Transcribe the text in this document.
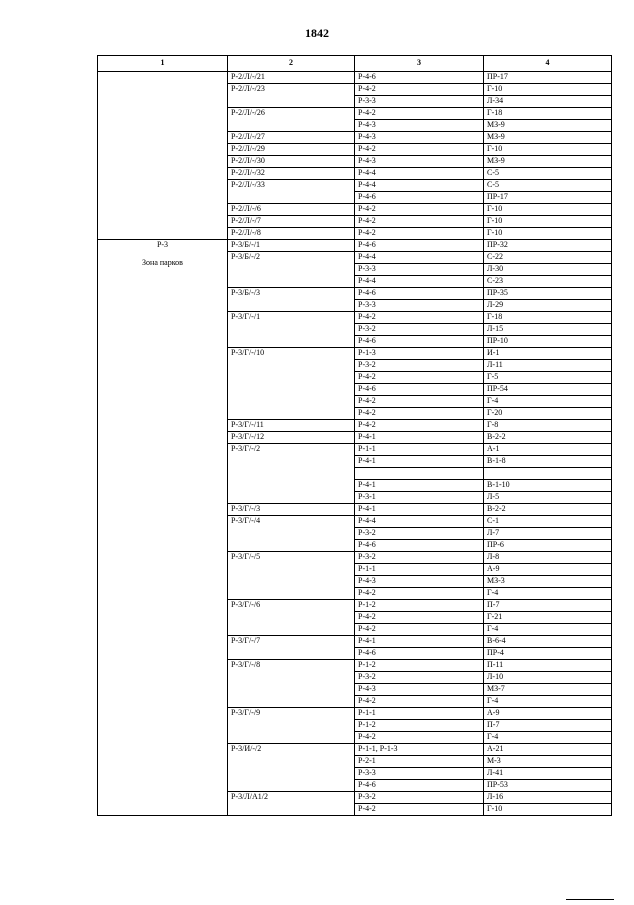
1842
1	2	3	4
	Р-2/Л/-/21	Р-4-6	ПР-17
	Р-2/Л/-/23	Р-4-2	Г-10
		Р-3-3	Л-34
	Р-2/Л/-/26	Р-4-2	Г-18
		Р-4-3	МЗ-9
	Р-2/Л/-/27	Р-4-3	МЗ-9
	Р-2/Л/-/29	Р-4-2	Г-10
	Р-2/Л/-/30	Р-4-3	МЗ-9
	Р-2/Л/-/32	Р-4-4	С-5
	Р-2/Л/-/33	Р-4-4	С-5
		Р-4-6	ПР-17
	Р-2/Л/-/6	Р-4-2	Г-10
	Р-2/Л/-/7	Р-4-2	Г-10
	Р-2/Л/-/8	Р-4-2	Г-10

Р-3
Зона парков	Р-3/Б/-/1	Р-4-6	ПР-32
	Р-3/Б/-/2	Р-4-4	С-22
		Р-3-3	Л-30
		Р-4-4	С-23
	Р-3/Б/-/3	Р-4-6	ПР-35
		Р-3-3	Л-29
	Р-3/Г/-/1	Р-4-2	Г-18
		Р-3-2	Л-15
		Р-4-6	ПР-10
	Р-3/Г/-/10	Р-1-3	И-1
		Р-3-2	Л-11
		Р-4-2	Г-5
		Р-4-6	ПР-54
		Р-4-2	Г-4
		Р-4-2	Г-20
	Р-3/Г/-/11	Р-4-2	Г-8
	Р-3/Г/-/12	Р-4-1	В-2-2
	Р-3/Г/-/2	Р-1-1	А-1
		Р-4-1	В-1-8

		Р-4-1	В-1-10
		Р-3-1	Л-5
	Р-3/Г/-/3	Р-4-1	В-2-2
	Р-3/Г/-/4	Р-4-4	С-1
		Р-3-2	Л-7
		Р-4-6	ПР-6
	Р-3/Г/-/5	Р-3-2	Л-8
		Р-1-1	А-9
		Р-4-3	МЗ-3
		Р-4-2	Г-4
	Р-3/Г/-/6	Р-1-2	П-7
		Р-4-2	Г-21
		Р-4-2	Г-4
	Р-3/Г/-/7	Р-4-1	В-6-4
		Р-4-6	ПР-4
	Р-3/Г/-/8	Р-1-2	П-11
		Р-3-2	Л-10
		Р-4-3	МЗ-7
		Р-4-2	Г-4
	Р-3/Г/-/9	Р-1-1	А-9
		Р-1-2	П-7
		Р-4-2	Г-4
	Р-3/И/-/2	Р-1-1, Р-1-3	А-21
		Р-2-1	М-3
		Р-3-3	Л-41
		Р-4-6	ПР-53
	Р-3/Л/А1/2	Р-3-2	Л-16
		Р-4-2	Г-10
